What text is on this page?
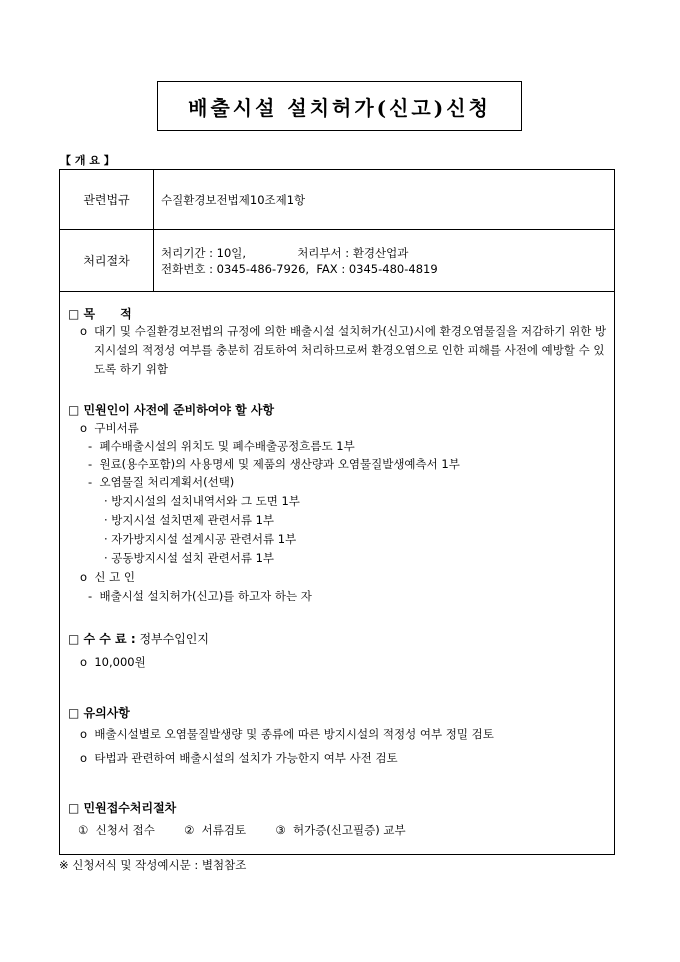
배출시설 설치허가(신고)신청
【 개 요 】
관련법규	수질환경보전법제10조제1항
처리절차
처리기간 : 10일,              처리부서 : 환경산업과
전화번호 : 0345-486-7926,  FAX : 0345-480-4819
□ 목      적
ο 대기 및 수질환경보전법의 규정에 의한 배출시설 설치허가(신고)시에 환경오염물질을 저감하기 위한 방지시설의 적정성 여부를 충분히 검토하여 처리하므로써 환경오염으로 인한 피해를 사전에 예방할 수 있도록 하기 위함
□ 민원인이 사전에 준비하여야 할 사항
ο  구비서류
-  폐수배출시설의 위치도 및 폐수배출공정흐름도 1부
-  원료(용수포함)의 사용명세 및 제품의 생산량과 오염물질발생예측서 1부
-  오염물질 처리계획서(선택)
· 방지시설의 설치내역서와 그 도면 1부
· 방지시설 설치면제 관련서류 1부
· 자가방지시설 설계시공 관련서류 1부
· 공동방지시설 설치 관련서류 1부
ο  신 고 인
-  배출시설 설치허가(신고)를 하고자 하는 자
□ 수 수 료 : 정부수입인지
ο  10,000원
□ 유의사항
ο  배출시설별로 오염물질발생량 및 종류에 따른 방지시설의 적정성 여부 정밀 검토
ο  타법과 관련하여 배출시설의 설치가 가능한지 여부 사전 검토
□ 민원접수처리절차
①  신청서 접수        ②  서류검토        ③  허가증(신고필증) 교부
※ 신청서식 및 작성예시문 : 별첨참조
